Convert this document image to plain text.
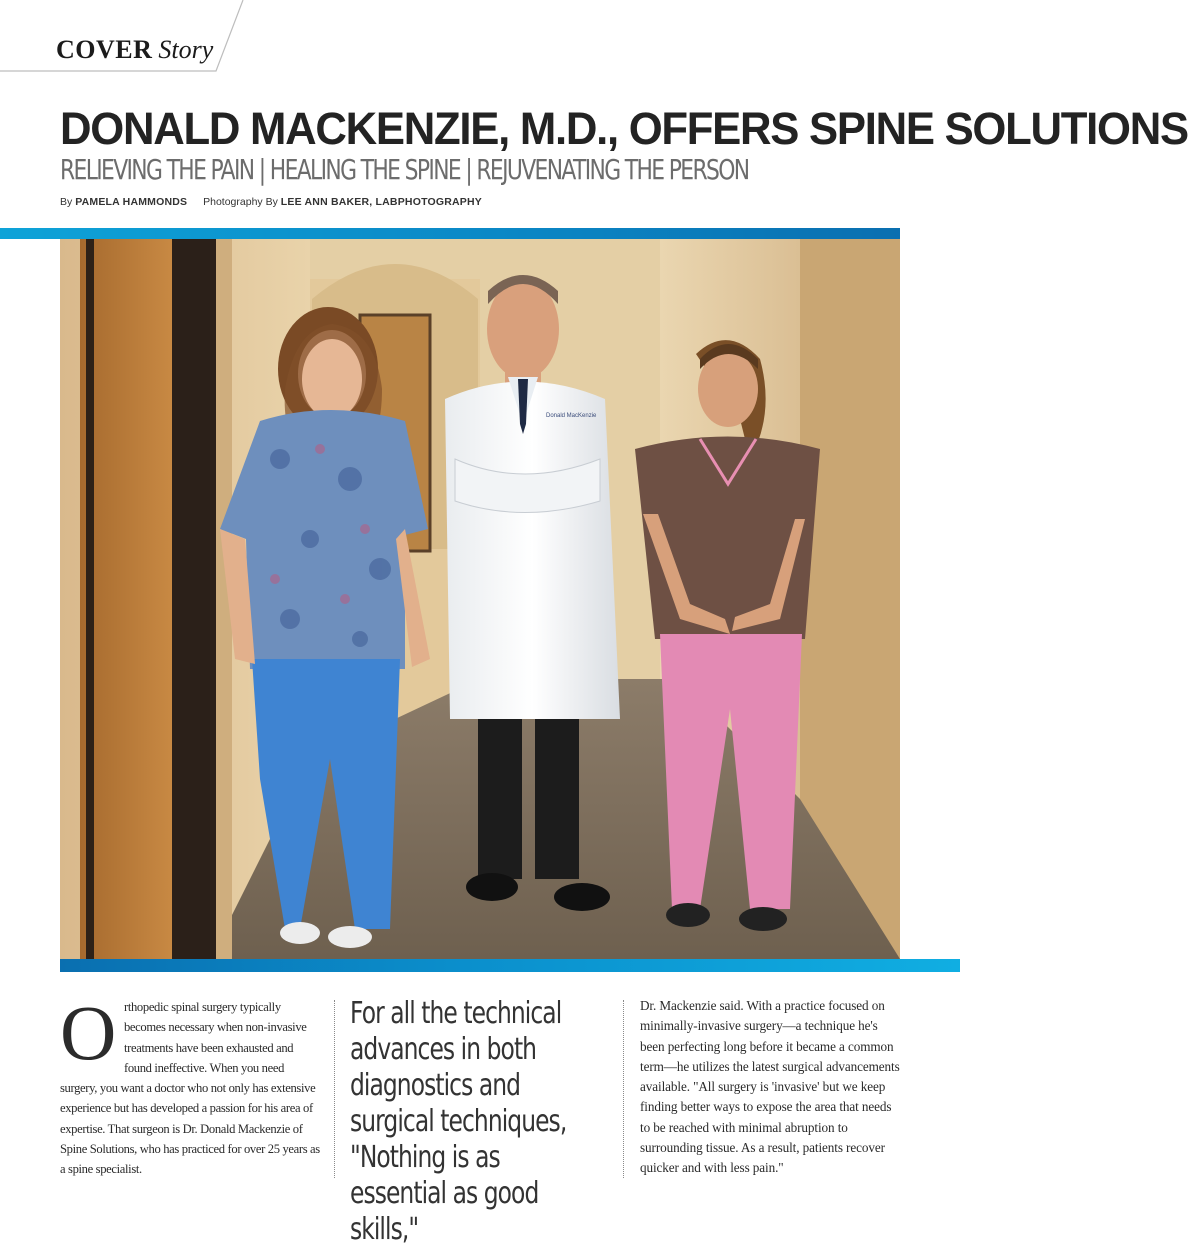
COVER Story
DONALD MACKENZIE, M.D., OFFERS SPINE SOLUTIONS
RELIEVING THE PAIN | HEALING THE SPINE | REJUVENATING THE PERSON
By PAMELA HAMMONDS Photography By LEE ANN BAKER, LABPHOTOGRAPHY
Donald MacKenzie
Orthopedic spinal surgery typically becomes necessary when non-invasive treatments have been exhausted and found ineffective. When you need surgery, you want a doctor who not only has extensive experience but has developed a passion for his area of expertise. That surgeon is Dr. Donald Mackenzie of Spine Solutions, who has practiced for over 25 years as a spine specialist.
For all the technical advances in both diagnostics and surgical techniques, "Nothing is as essential as good skills,"
Dr. Mackenzie said. With a practice focused on minimally-invasive surgery—a technique he's been perfecting long before it became a common term—he utilizes the latest surgical advancements available. "All surgery is 'invasive' but we keep finding better ways to expose the area that needs to be reached with minimal abruption to surrounding tissue. As a result, patients recover quicker and with less pain."
